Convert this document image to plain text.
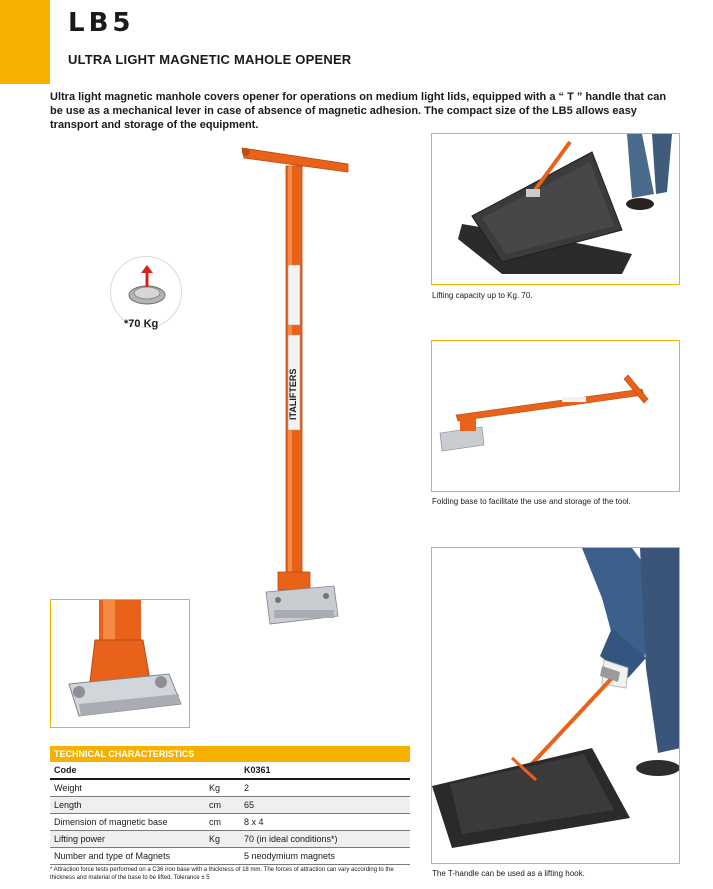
LB5
ULTRA LIGHT MAGNETIC MAHOLE OPENER
Ultra light magnetic manhole covers opener for operations on medium light lids, equipped with a “ T ” handle that can be use as a mechanical lever in case of absence of magnetic adhesion. The compact size of the LB5 allows easy transport and storage of the equipment.
ITALIFTERS
*70 Kg
Lifting capacity up to Kg. 70.
Folding base to facilitate the use and storage of the tool.
The T-handle can be used as a lifting hook.
TECHNICAL CHARACTERISTICS		
Code		K0361
Weight	Kg	2
Length	cm	65
Dimension of magnetic base	cm	8 x 4
Lifting power	Kg	70 (in ideal conditions*)
Number and type of Magnets		5 neodymium magnets
* Attraction force tests performed on a C36 iron base with a thickness of 18 mm. The forces of attraction can vary according to the thickness and material of the base to be lifted. Tolerance ± 5
